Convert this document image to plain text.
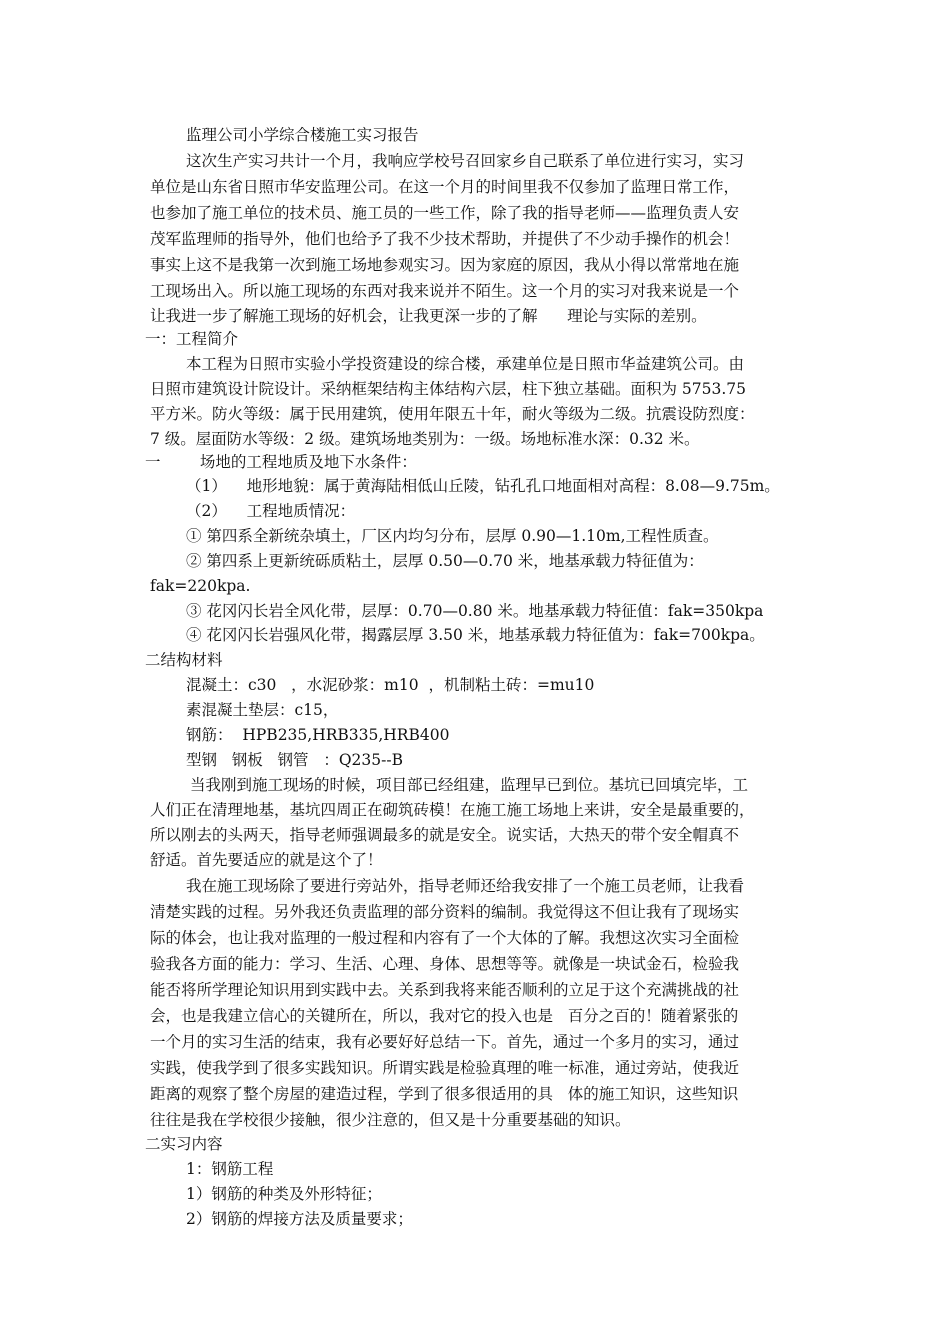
监理公司小学综合楼施工实习报告
这次生产实习共计一个月，我响应学校号召回家乡自己联系了单位进行实习，实习
单位是山东省日照市华安监理公司。在这一个月的时间里我不仅参加了监理日常工作，
也参加了施工单位的技术员、施工员的一些工作，除了我的指导老师——监理负责人安
茂军监理师的指导外，他们也给予了我不少技术帮助，并提供了不少动手操作的机会！
事实上这不是我第一次到施工场地参观实习。因为家庭的原因，我从小得以常常地在施
工现场出入。所以施工现场的东西对我来说并不陌生。这一个月的实习对我来说是一个
让我进一步了解施工现场的好机会，让我更深一步的了解      理论与实际的差别。
一：工程简介
本工程为日照市实验小学投资建设的综合楼，承建单位是日照市华益建筑公司。由
日照市建筑设计院设计。采纳框架结构主体结构六层，柱下独立基础。面积为 5753.75
平方米。防火等级：属于民用建筑，使用年限五十年，耐火等级为二级。抗震设防烈度：
7 级。屋面防水等级：2 级。建筑场地类别为：一级。场地标准水深：0.32 米。
一        场地的工程地质及地下水条件：
（1）    地形地貌：属于黄海陆相低山丘陵，钻孔孔口地面相对高程：8.08—9.75m。
（2）    工程地质情况：
① 第四系全新统杂填土，厂区内均匀分布，层厚 0.90—1.10m,工程性质查。
② 第四系上更新统砾质粘土，层厚 0.50—0.70 米，地基承载力特征值为：
fak=220kpa.
③ 花冈闪长岩全风化带，层厚：0.70—0.80 米。地基承载力特征值：fak=350kpa
④ 花冈闪长岩强风化带，揭露层厚 3.50 米，地基承载力特征值为：fak=700kpa。
二结构材料
混凝土：c30   ，水泥砂浆：m10  ，机制粘土砖：=mu10
素混凝土垫层：c15，
钢筋：  HPB235,HRB335,HRB400
型钢   钢板   钢管   ：Q235--B
当我刚到施工现场的时候，项目部已经组建，监理早已到位。基坑已回填完毕，工
人们正在清理地基，基坑四周正在砌筑砖模！在施工施工场地上来讲，安全是最重要的，
所以刚去的头两天，指导老师强调最多的就是安全。说实话，大热天的带个安全帽真不
舒适。首先要适应的就是这个了！
我在施工现场除了要进行旁站外，指导老师还给我安排了一个施工员老师，让我看
清楚实践的过程。另外我还负责监理的部分资料的编制。我觉得这不但让我有了现场实
际的体会，也让我对监理的一般过程和内容有了一个大体的了解。我想这次实习全面检
验我各方面的能力：学习、生活、心理、身体、思想等等。就像是一块试金石，检验我
能否将所学理论知识用到实践中去。关系到我将来能否顺利的立足于这个充满挑战的社
会，也是我建立信心的关键所在，所以，我对它的投入也是   百分之百的！随着紧张的
一个月的实习生活的结束，我有必要好好总结一下。首先，通过一个多月的实习，通过
实践，使我学到了很多实践知识。所谓实践是检验真理的唯一标准，通过旁站，使我近
距离的观察了整个房屋的建造过程，学到了很多很适用的具   体的施工知识，这些知识
往往是我在学校很少接触，很少注意的，但又是十分重要基础的知识。
二实习内容
1：钢筋工程
1）钢筋的种类及外形特征；
2）钢筋的焊接方法及质量要求；
